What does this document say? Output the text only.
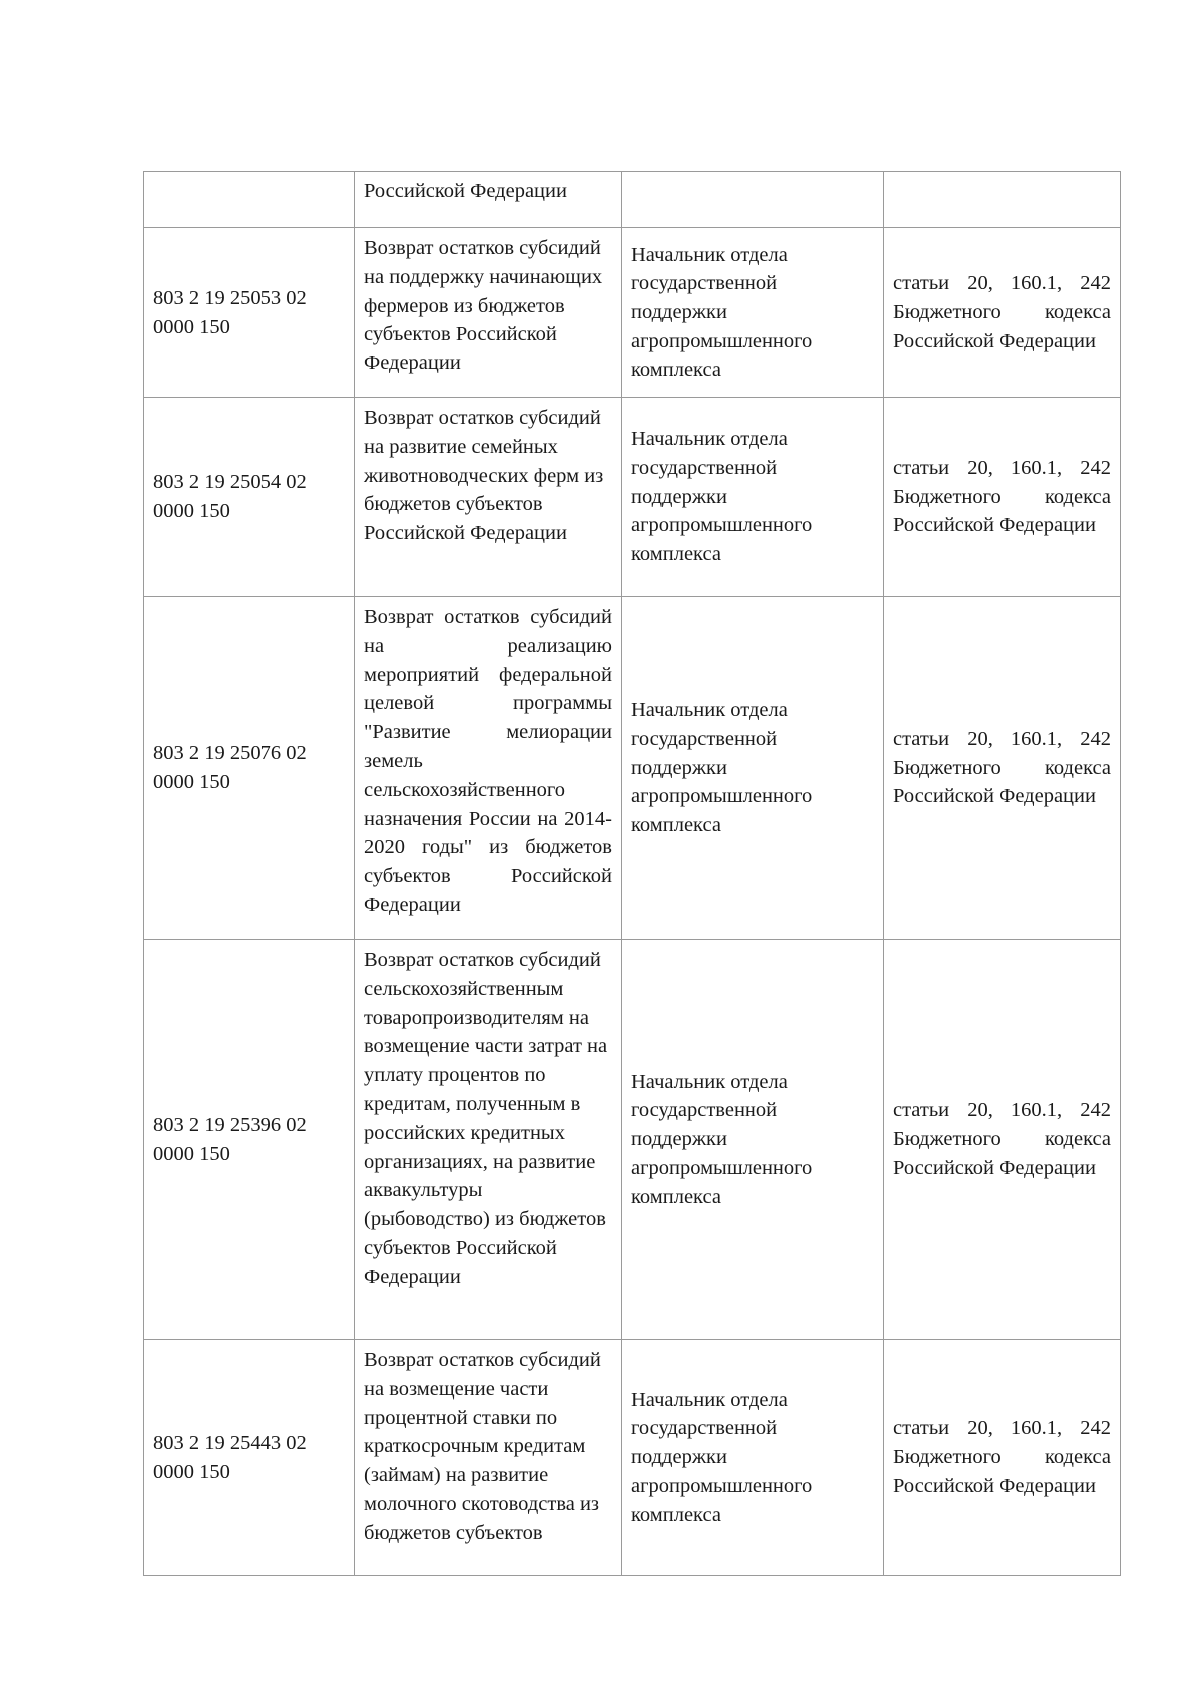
	Российской Федерации		

803 2 19 25053 02 0000 150	Возврат остатков субсидий на поддержку начинающих фермеров из бюджетов субъектов Российской Федерации	Начальник отдела государственной поддержки агропромышленного комплекса	статьи 20, 160.1, 242 Бюджетного кодекса Российской Федерации

803 2 19 25054 02 0000 150	Возврат остатков субсидий на развитие семейных животноводческих ферм из бюджетов субъектов Российской Федерации	Начальник отдела государственной поддержки агропромышленного комплекса	статьи 20, 160.1, 242 Бюджетного кодекса Российской Федерации

803 2 19 25076 02 0000 150	Возврат остатков субсидий на реализацию мероприятий федеральной целевой программы "Развитие мелиорации земель сельскохозяйственного назначения России на 2014-2020 годы" из бюджетов субъектов Российской Федерации	Начальник отдела государственной поддержки агропромышленного комплекса	статьи 20, 160.1, 242 Бюджетного кодекса Российской Федерации

803 2 19 25396 02 0000 150	Возврат остатков субсидий сельскохозяйственным товаропроизводителям на возмещение части затрат на уплату процентов по кредитам, полученным в российских кредитных организациях, на развитие аквакультуры (рыбоводство) из бюджетов субъектов Российской Федерации	Начальник отдела государственной поддержки агропромышленного комплекса	статьи 20, 160.1, 242 Бюджетного кодекса Российской Федерации

803 2 19 25443 02 0000 150	Возврат остатков субсидий на возмещение части процентной ставки по краткосрочным кредитам (займам) на развитие молочного скотоводства из бюджетов субъектов	Начальник отдела государственной поддержки агропромышленного комплекса	статьи 20, 160.1, 242 Бюджетного кодекса Российской Федерации
